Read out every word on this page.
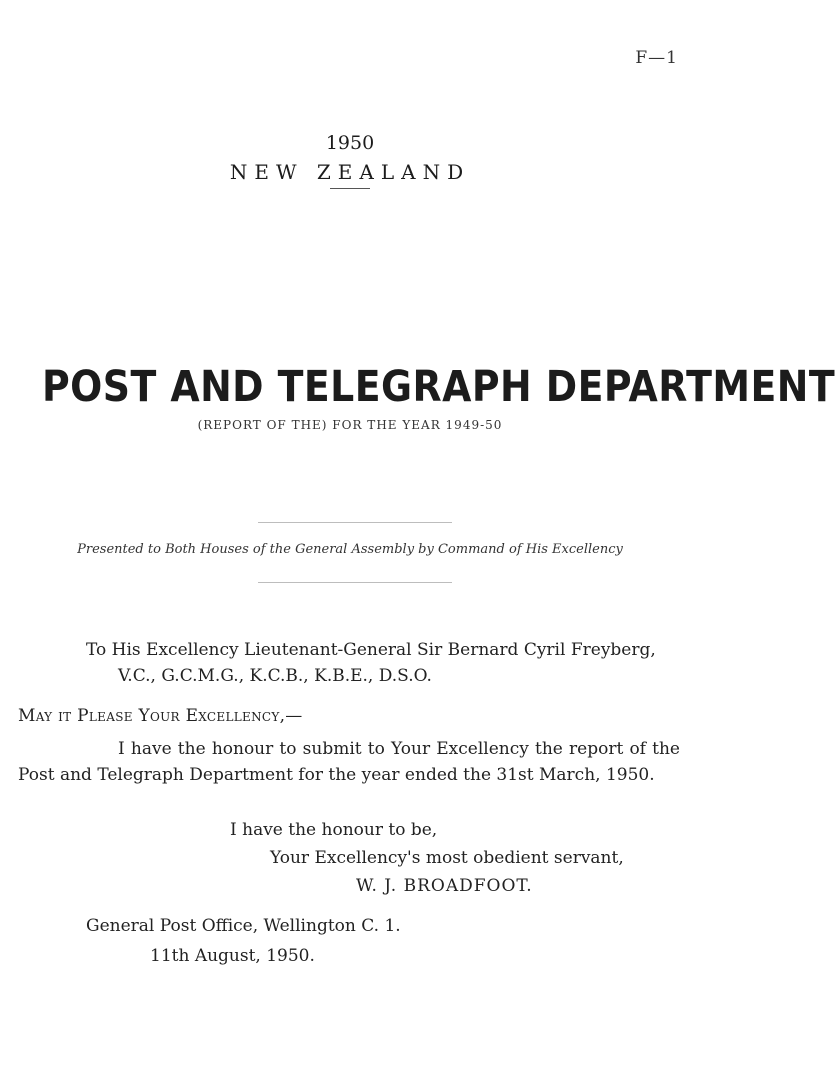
F—1
1950
NEW ZEALAND
POST AND TELEGRAPH DEPARTMENT
(REPORT OF THE) FOR THE YEAR 1949-50
Presented to Both Houses of the General Assembly by Command of His Excellency
To His Excellency Lieutenant-General Sir Bernard Cyril Freyberg,
V.C., G.C.M.G., K.C.B., K.B.E., D.S.O.
May it Please Your Excellency,—
I have the honour to submit to Your Excellency the report of the Post and Telegraph Department for the year ended the 31st March, 1950.
I have the honour to be,
Your Excellency's most obedient servant,
W. J. BROADFOOT.
General Post Office, Wellington C. 1.
11th August, 1950.
